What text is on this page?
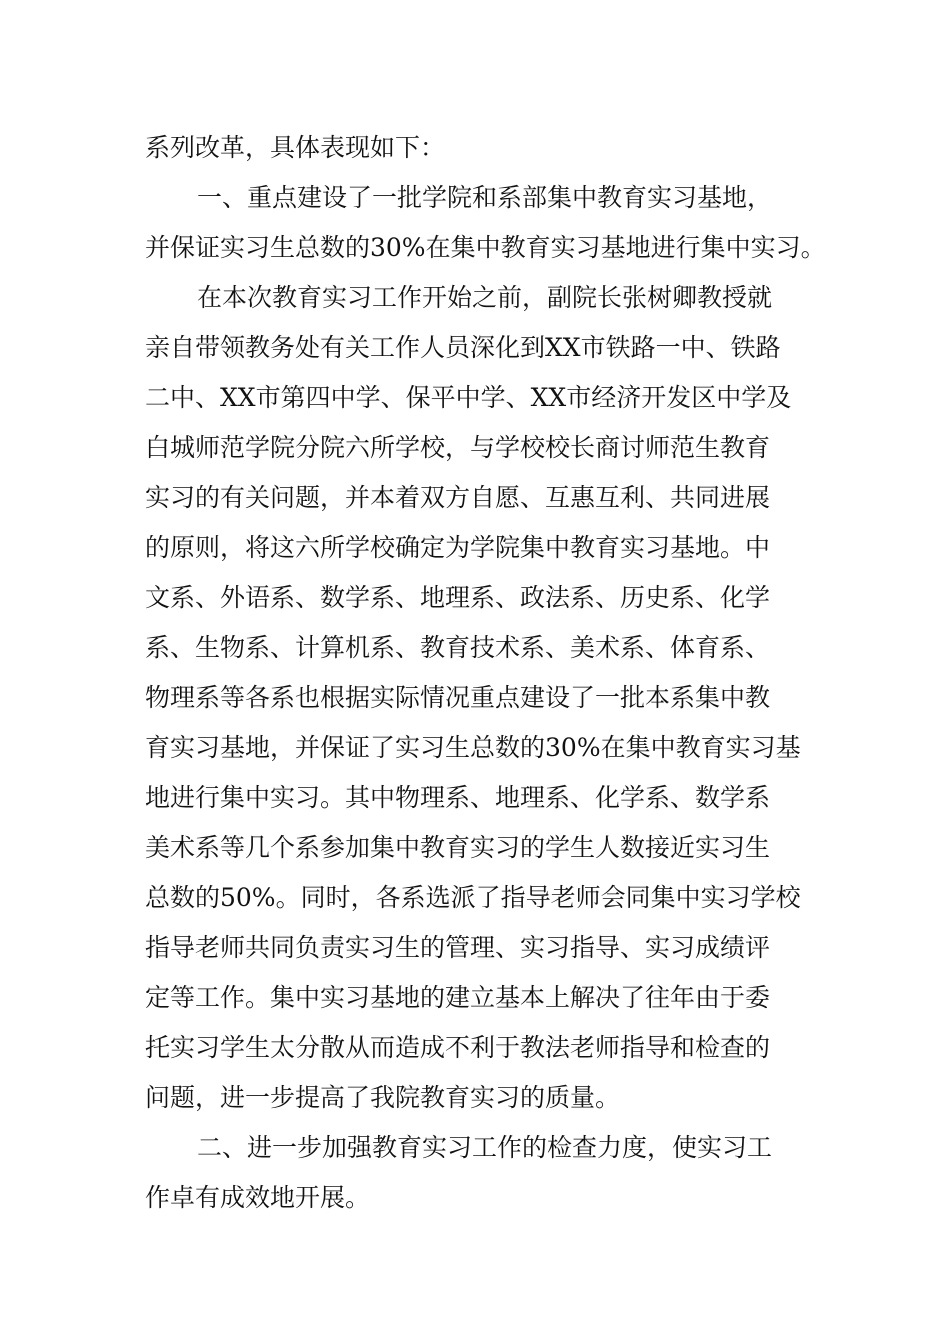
系列改革，具体表现如下：

一、重点建设了一批学院和系部集中教育实习基地，

并保证实习生总数的30%在集中教育实习基地进行集中实习。

在本次教育实习工作开始之前，副院长张树卿教授就

亲自带领教务处有关工作人员深化到XX市铁路一中、铁路

二中、XX市第四中学、保平中学、XX市经济开发区中学及

白城师范学院分院六所学校，与学校校长商讨师范生教育

实习的有关问题，并本着双方自愿、互惠互利、共同进展

的原则，将这六所学校确定为学院集中教育实习基地。中

文系、外语系、数学系、地理系、政法系、历史系、化学

系、生物系、计算机系、教育技术系、美术系、体育系、

物理系等各系也根据实际情况重点建设了一批本系集中教

育实习基地，并保证了实习生总数的30%在集中教育实习基

地进行集中实习。其中物理系、地理系、化学系、数学系

美术系等几个系参加集中教育实习的学生人数接近实习生

总数的50%。同时，各系选派了指导老师会同集中实习学校

指导老师共同负责实习生的管理、实习指导、实习成绩评

定等工作。集中实习基地的建立基本上解决了往年由于委

托实习学生太分散从而造成不利于教法老师指导和检查的

问题，进一步提高了我院教育实习的质量。

二、进一步加强教育实习工作的检查力度，使实习工

作卓有成效地开展。
